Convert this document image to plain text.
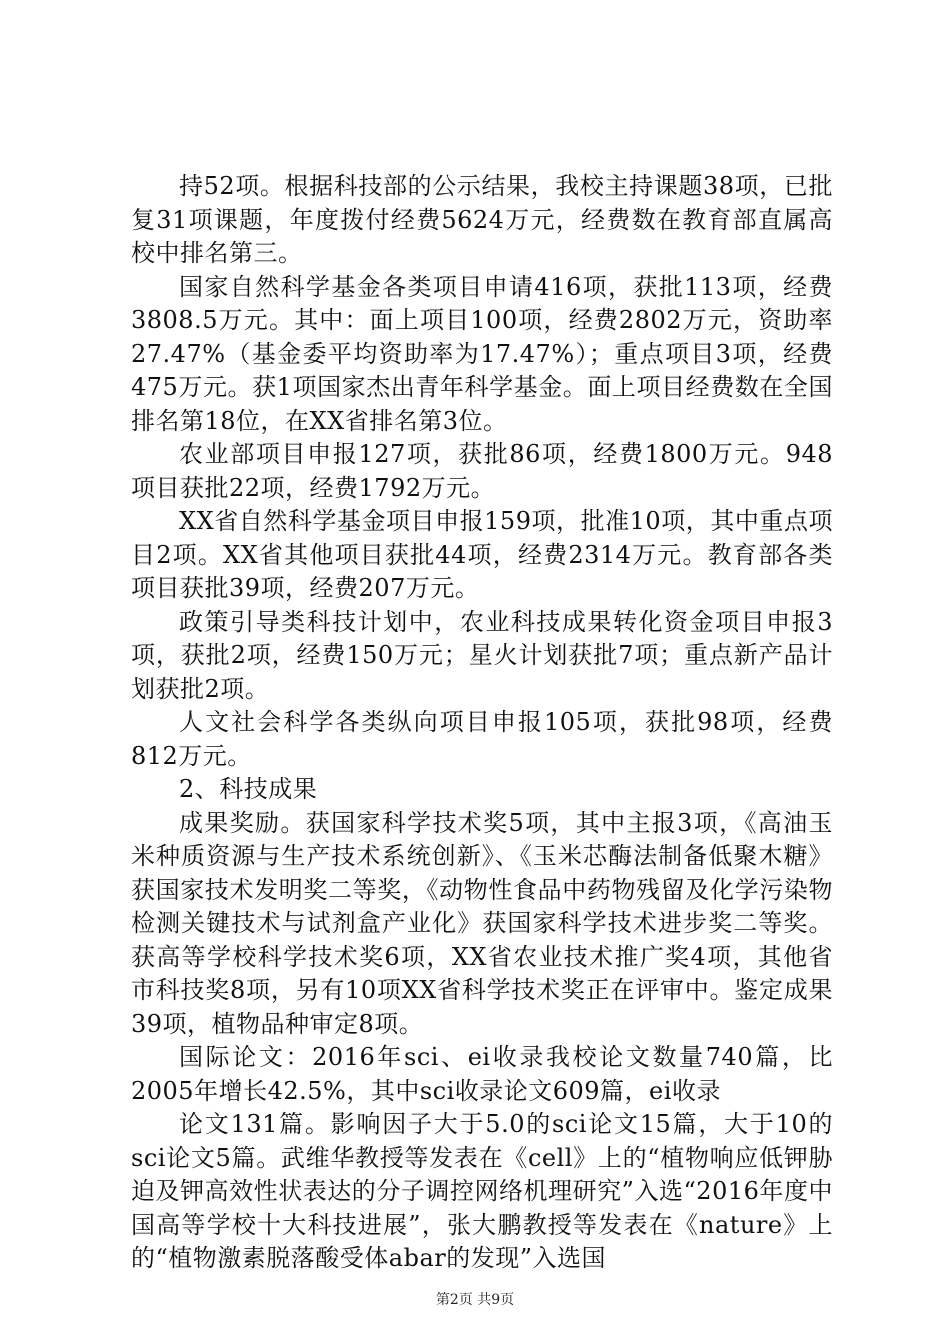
持52项。根据科技部的公示结果，我校主持课题38项，已批复31项课题，年度拨付经费5624万元，经费数在教育部直属高校中排名第三。

国家自然科学基金各类项目申请416项，获批113项，经费3808.5万元。其中：面上项目100项，经费2802万元，资助率27.47%（基金委平均资助率为17.47%）；重点项目3项，经费475万元。获1项国家杰出青年科学基金。面上项目经费数在全国排名第18位，在XX省排名第3位。

农业部项目申报127项，获批86项，经费1800万元。948项目获批22项，经费1792万元。

XX省自然科学基金项目申报159项，批准10项，其中重点项目2项。XX省其他项目获批44项，经费2314万元。教育部各类项目获批39项，经费207万元。

政策引导类科技计划中，农业科技成果转化资金项目申报3项，获批2项，经费150万元；星火计划获批7项；重点新产品计划获批2项。

人文社会科学各类纵向项目申报105项，获批98项，经费812万元。

2、科技成果

成果奖励。获国家科学技术奖5项，其中主报3项，《高油玉米种质资源与生产技术系统创新》、《玉米芯酶法制备低聚木糖》获国家技术发明奖二等奖，《动物性食品中药物残留及化学污染物检测关键技术与试剂盒产业化》获国家科学技术进步奖二等奖。获高等学校科学技术奖6项，XX省农业技术推广奖4项，其他省市科技奖8项，另有10项XX省科学技术奖正在评审中。鉴定成果39项，植物品种审定8项。

国际论文：2016年sci、ei收录我校论文数量740篇，比2005年增长42.5%，其中sci收录论文609篇，ei收录

论文131篇。影响因子大于5.0的sci论文15篇，大于10的sci论文5篇。武维华教授等发表在《cell》上的“植物响应低钾胁迫及钾高效性状表达的分子调控网络机理研究”入选“2016年度中国高等学校十大科技进展”，张大鹏教授等发表在《nature》上的“植物激素脱落酸受体abar的发现”入选国

第2页 共9页
